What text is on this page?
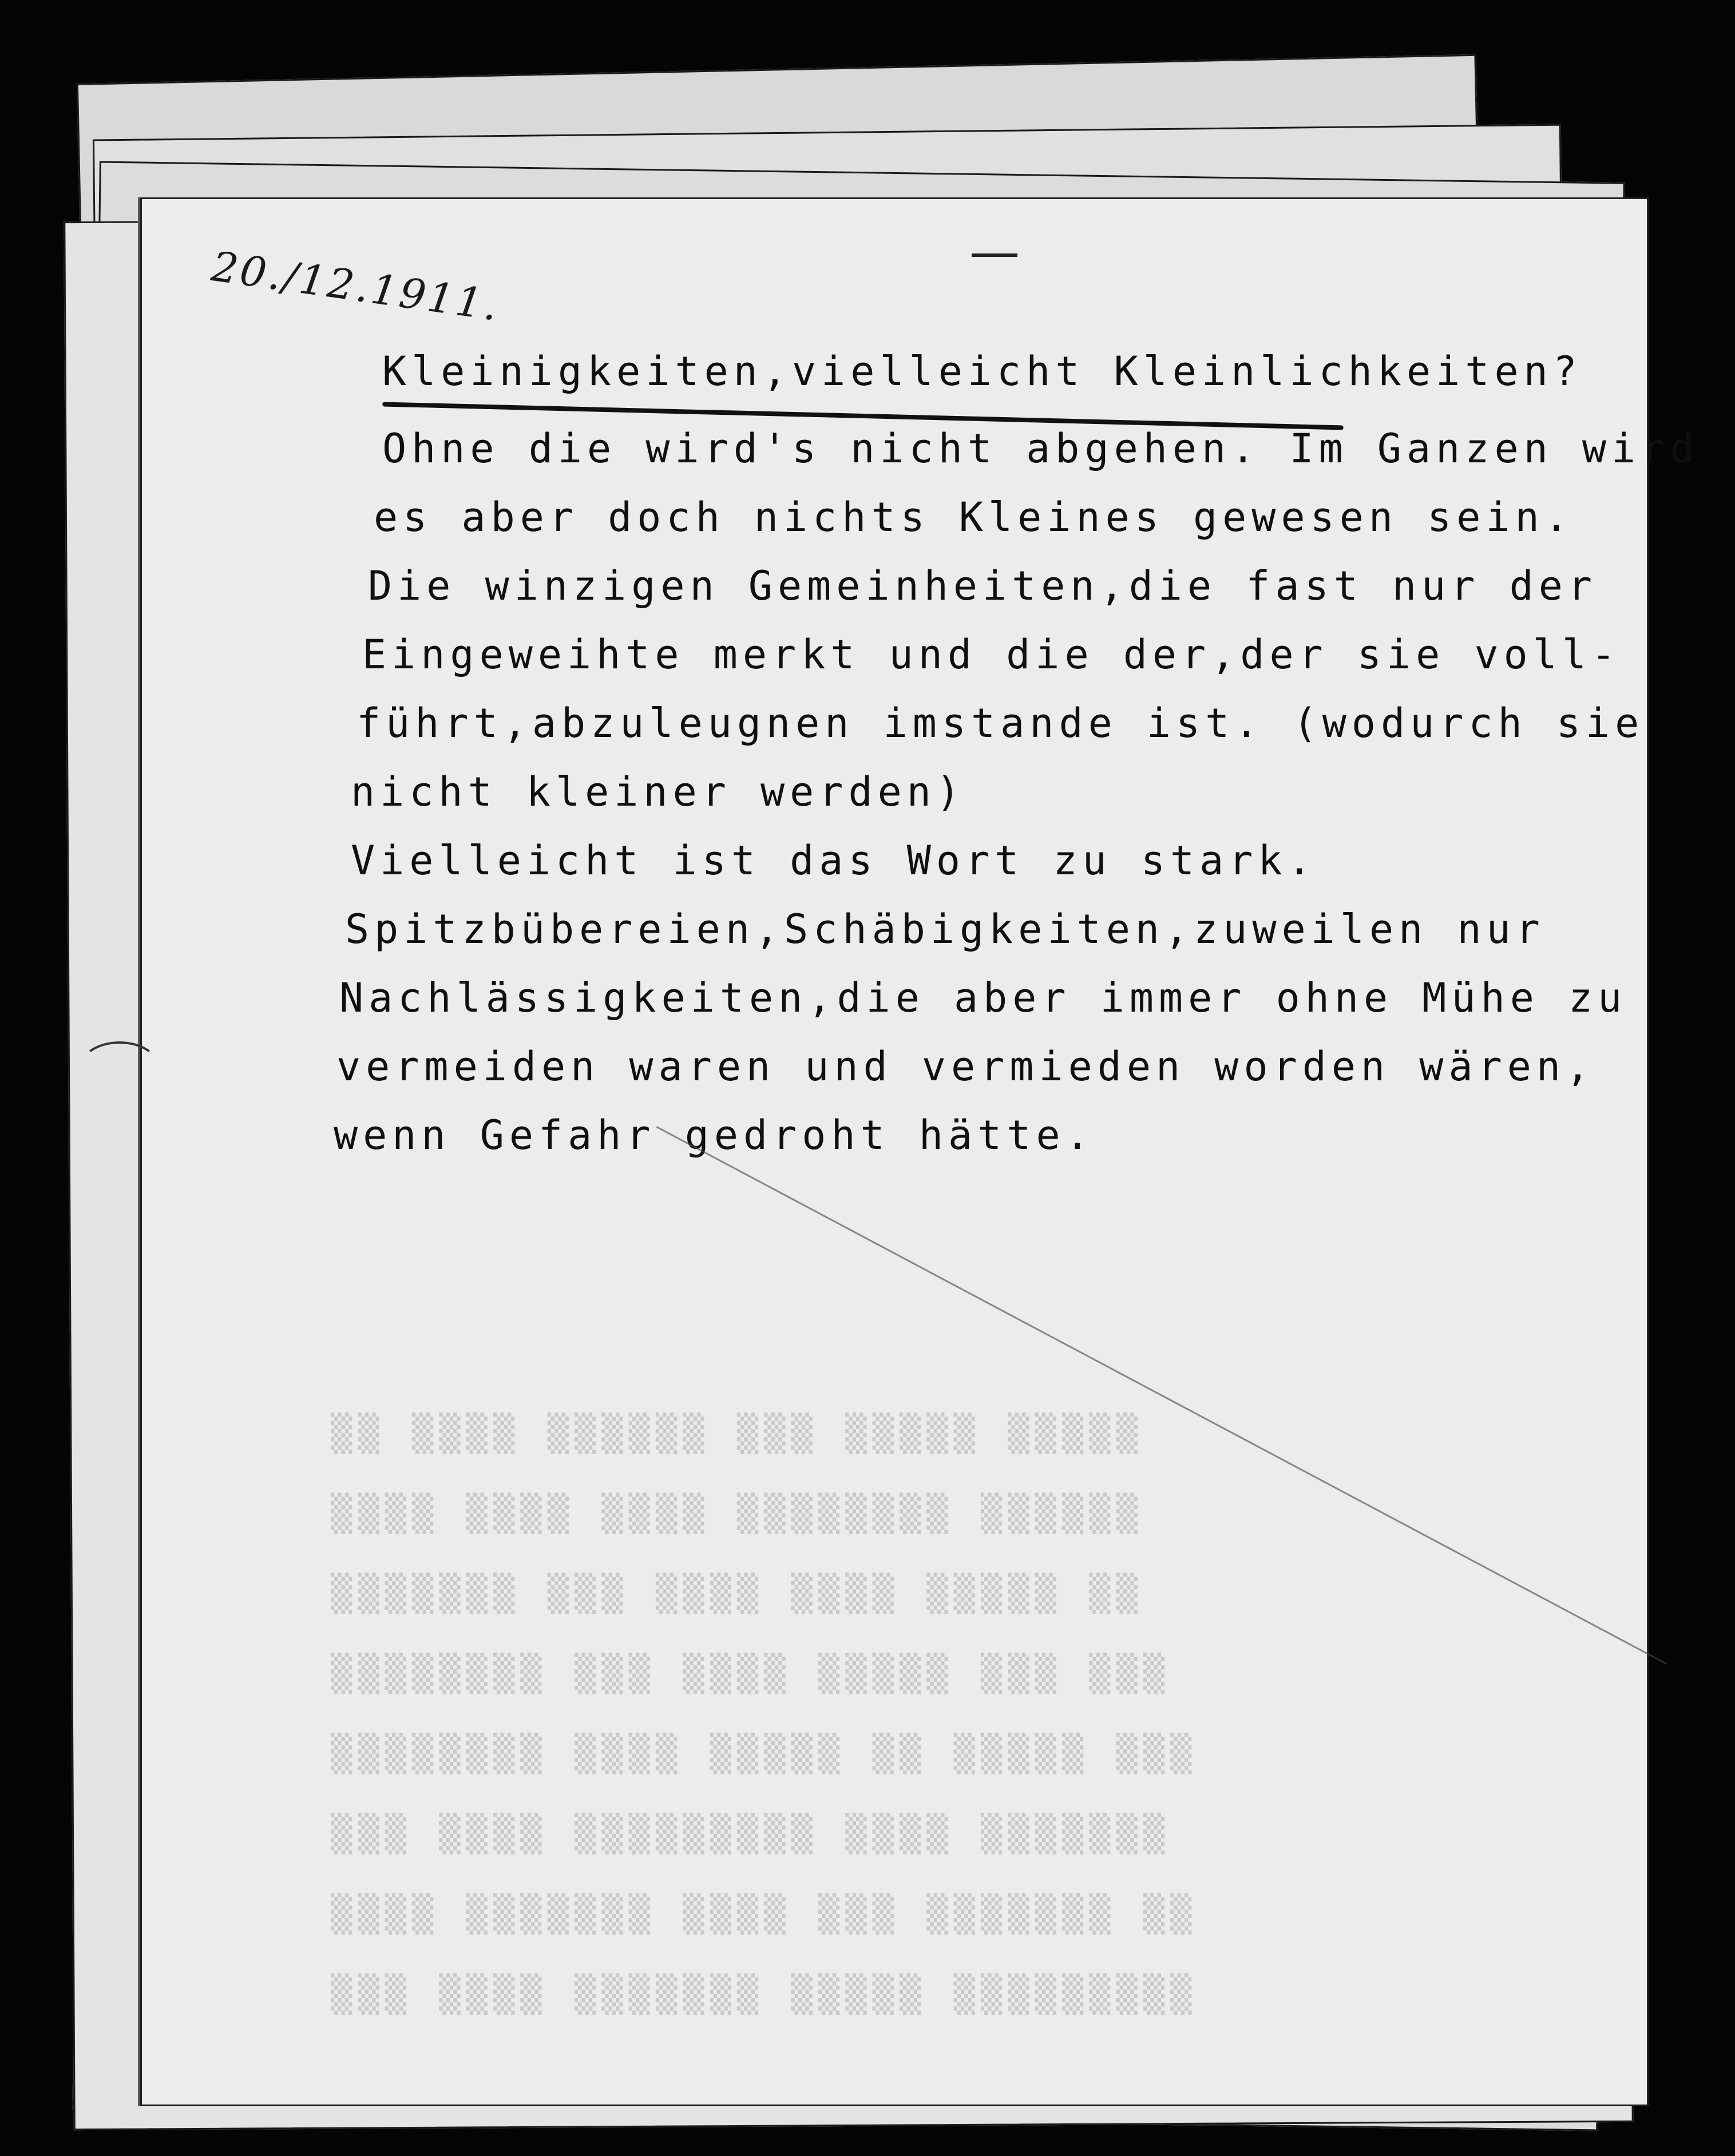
▒▒ ▒▒▒▒ ▒▒▒▒▒▒ ▒▒▒ ▒▒▒▒▒ ▒▒▒▒▒
▒▒▒▒ ▒▒▒▒ ▒▒▒▒ ▒▒▒▒▒▒▒▒ ▒▒▒▒▒▒
▒▒▒▒▒▒▒ ▒▒▒ ▒▒▒▒ ▒▒▒▒ ▒▒▒▒▒ ▒▒
▒▒▒▒▒▒▒▒ ▒▒▒ ▒▒▒▒ ▒▒▒▒▒ ▒▒▒ ▒▒▒
▒▒▒▒▒▒▒▒ ▒▒▒▒ ▒▒▒▒▒ ▒▒ ▒▒▒▒▒ ▒▒▒
▒▒▒ ▒▒▒▒ ▒▒▒▒▒▒▒▒▒ ▒▒▒▒ ▒▒▒▒▒▒▒
▒▒▒▒ ▒▒▒▒▒▒▒ ▒▒▒▒ ▒▒▒ ▒▒▒▒▒▒▒ ▒▒
▒▒▒ ▒▒▒▒ ▒▒▒▒▒▒▒ ▒▒▒▒▒ ▒▒▒▒▒▒▒▒▒
20./12.1911.
Kleinigkeiten,vielleicht Kleinlichkeiten?
Ohne die wird's nicht abgehen. Im Ganzen wird
es aber doch nichts Kleines gewesen sein.
Die winzigen Gemeinheiten,die fast nur der
Eingeweihte merkt und die der,der sie voll-
führt,abzuleugnen imstande ist. (wodurch sie
nicht kleiner werden)
Vielleicht ist das Wort zu stark.
Spitzbübereien,Schäbigkeiten,zuweilen nur
Nachlässigkeiten,die aber immer ohne Mühe zu
vermeiden waren und vermieden worden wären,
wenn Gefahr gedroht hätte.
